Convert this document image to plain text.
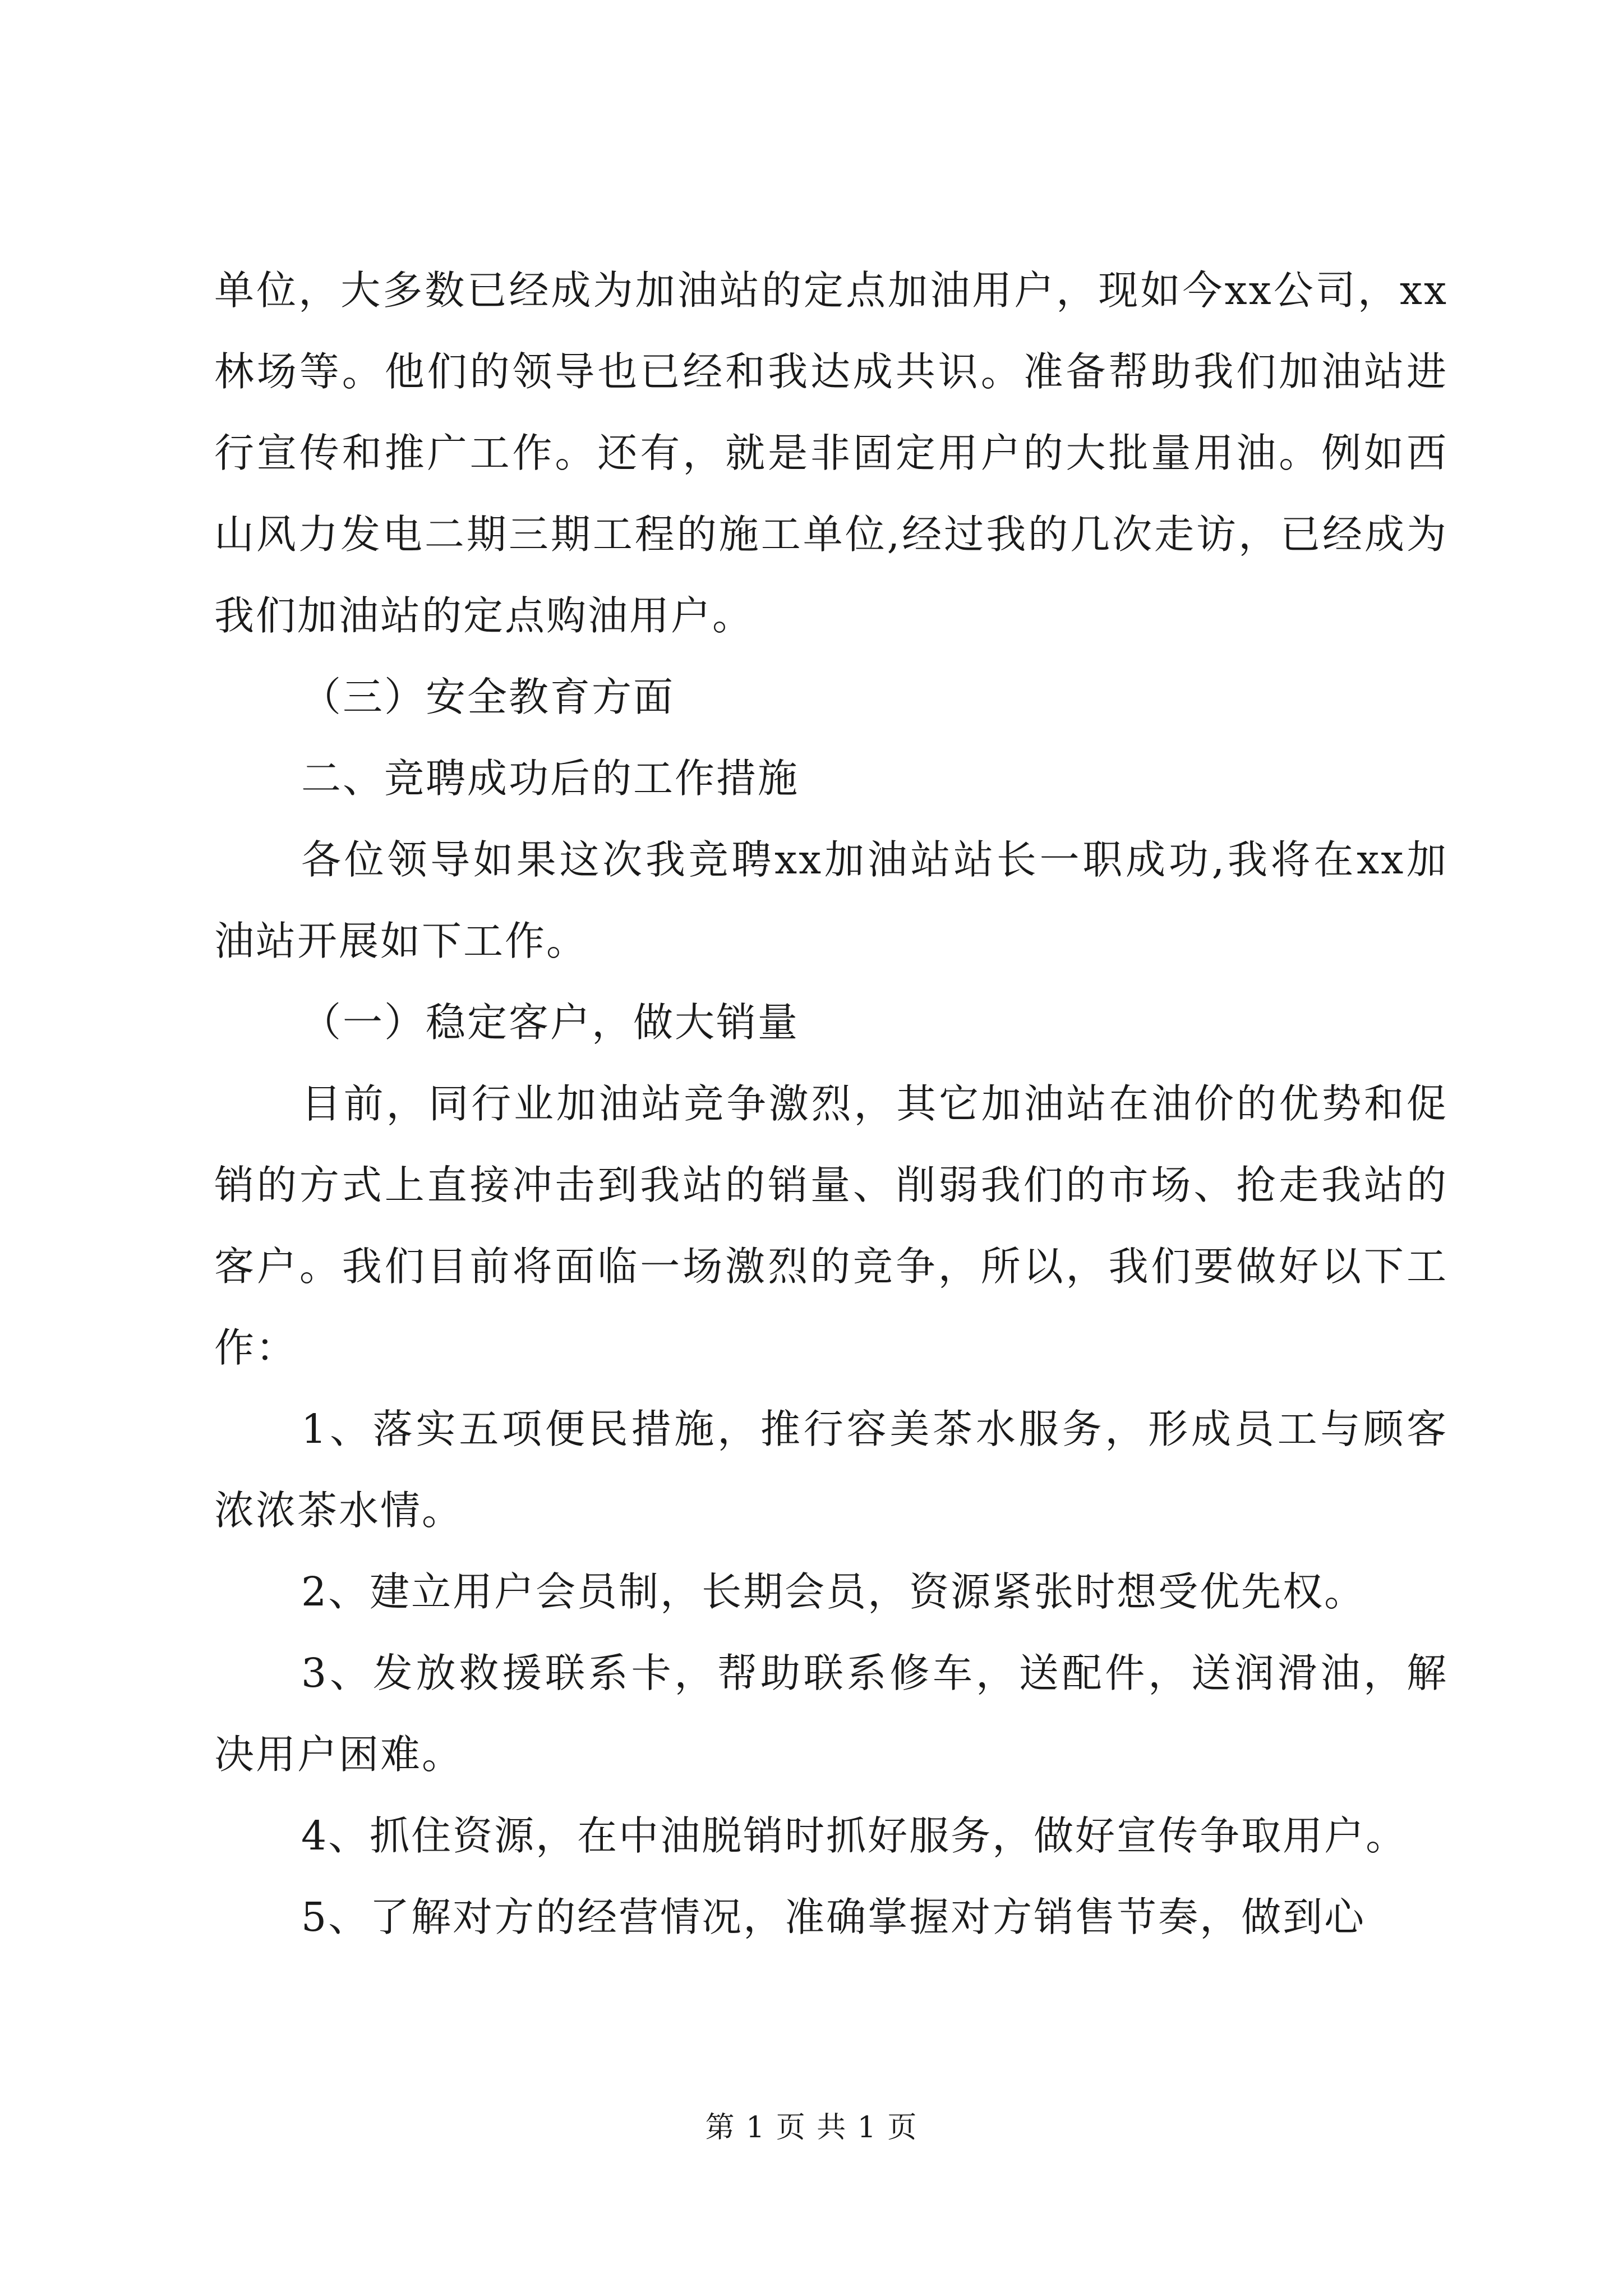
单位，大多数已经成为加油站的定点加油用户，现如今xx公司，xx林场等。他们的领导也已经和我达成共识。准备帮助我们加油站进行宣传和推广工作。还有，就是非固定用户的大批量用油。例如西山风力发电二期三期工程的施工单位,经过我的几次走访，已经成为我们加油站的定点购油用户。

（三）安全教育方面

二、竞聘成功后的工作措施

各位领导如果这次我竞聘xx加油站站长一职成功,我将在xx加油站开展如下工作。

（一）稳定客户，做大销量

目前，同行业加油站竞争激烈，其它加油站在油价的优势和促销的方式上直接冲击到我站的销量、削弱我们的市场、抢走我站的客户。我们目前将面临一场激烈的竞争，所以，我们要做好以下工作：

1、落实五项便民措施，推行容美茶水服务，形成员工与顾客浓浓茶水情。

2、建立用户会员制，长期会员，资源紧张时想受优先权。

3、发放救援联系卡，帮助联系修车，送配件，送润滑油，解决用户困难。

4、抓住资源，在中油脱销时抓好服务，做好宣传争取用户。

5、了解对方的经营情况，准确掌握对方销售节奏，做到心

第 1 页 共 1 页
